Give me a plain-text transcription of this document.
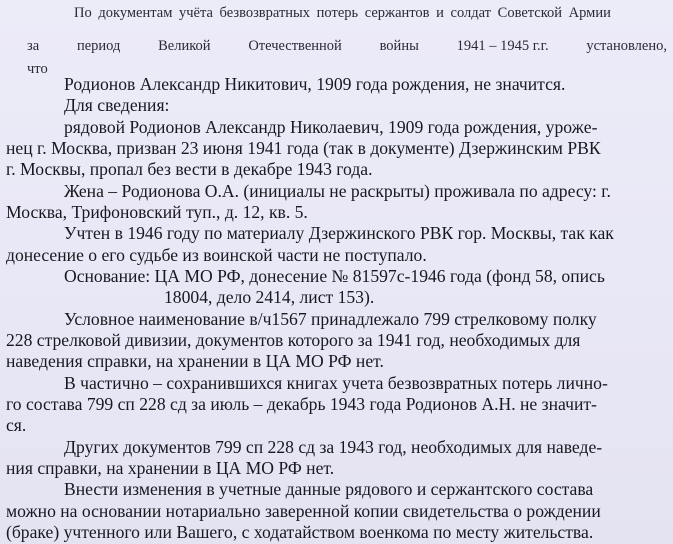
По документам учёта безвозвратных потерь сержантов и солдат Советской Армии

за	период	Великой	Отечественной	войны	1941 – 1945 г.г.	установлено,

что

Родионов Александр Никитович, 1909 года рождения, не значится.

Для сведения:

рядовой Родионов Александр Николаевич, 1909 года рождения, урожe-

нец г. Москва, призван 23 июня 1941 года (так в документе) Дзержинским РВК

г. Москвы, пропал без вести в декабре 1943 года.

Жена – Родионова О.А. (инициалы не раскрыты) проживала по адресу: г.

Москва, Трифоновский туп., д. 12, кв. 5.

Учтен в 1946 году по материалу Дзержинского РВК гор. Москвы, так как

донесение о его судьбе из воинской части не поступало.

Основание: ЦА МО РФ, донесение № 81597с-1946 года (фонд 58, опись

18004, дело 2414, лист 153).

Условное наименование в/ч1567 принадлежало 799 стрелковому полку

228 стрелковой дивизии, документов которого за 1941 год, необходимых для

наведения справки, на хранении в ЦА МО РФ нет.

В частично – сохранившихся книгах учета безвозвратных потерь лично-

го состава 799 сп 228 сд за июль – декабрь 1943 года Родионов А.Н. не значит-

ся.

Других документов 799 сп 228 сд за 1943 год, необходимых для наведе-

ния справки, на хранении в ЦА МО РФ нет.

Внести изменения в учетные данные рядового и сержантского состава

можно на основании нотариально заверенной копии свидетельства о рождении

(браке) учтенного или Вашего, с ходатайством военкома по месту жительства.
